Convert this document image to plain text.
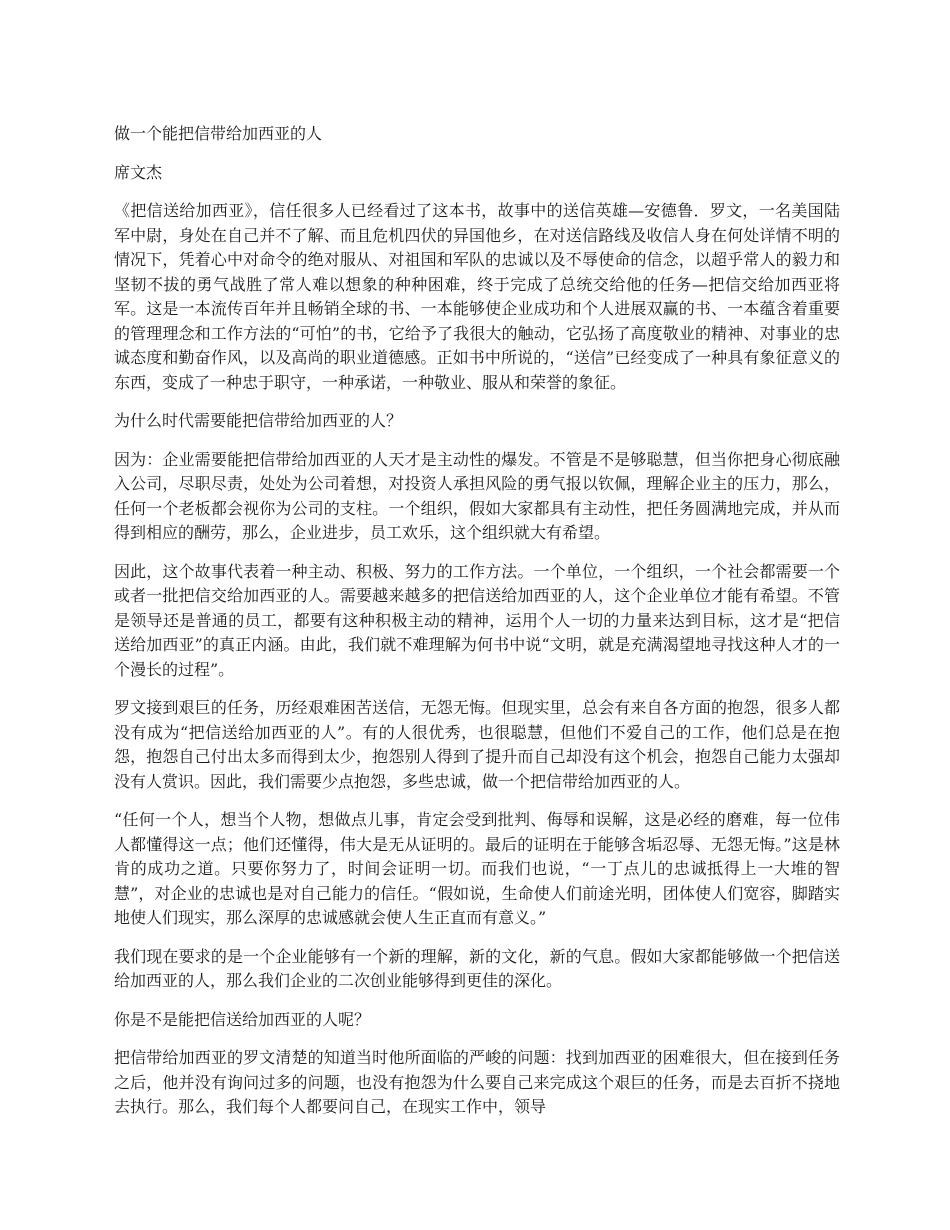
做一个能把信带给加西亚的人

席文杰

《把信送给加西亚》，信任很多人已经看过了这本书，故事中的送信英雄—安德鲁．罗文，一名美国陆军中尉，身处在自己并不了解、而且危机四伏的异国他乡，在对送信路线及收信人身在何处详情不明的情况下，凭着心中对命令的绝对服从、对祖国和军队的忠诚以及不辱使命的信念，以超乎常人的毅力和坚韧不拔的勇气战胜了常人难以想象的种种困难，终于完成了总统交给他的任务—把信交给加西亚将军。这是一本流传百年并且畅销全球的书、一本能够使企业成功和个人进展双赢的书、一本蕴含着重要的管理理念和工作方法的“可怕”的书，它给予了我很大的触动，它弘扬了高度敬业的精神、对事业的忠诚态度和勤奋作风，以及高尚的职业道德感。正如书中所说的，“送信”已经变成了一种具有象征意义的东西，变成了一种忠于职守，一种承诺，一种敬业、服从和荣誉的象征。

为什么时代需要能把信带给加西亚的人？

因为：企业需要能把信带给加西亚的人天才是主动性的爆发。不管是不是够聪慧，但当你把身心彻底融入公司，尽职尽责，处处为公司着想，对投资人承担风险的勇气报以钦佩，理解企业主的压力，那么，任何一个老板都会视你为公司的支柱。一个组织，假如大家都具有主动性，把任务圆满地完成，并从而得到相应的酬劳，那么，企业进步，员工欢乐，这个组织就大有希望。

因此，这个故事代表着一种主动、积极、努力的工作方法。一个单位，一个组织，一个社会都需要一个或者一批把信交给加西亚的人。需要越来越多的把信送给加西亚的人，这个企业单位才能有希望。不管是领导还是普通的员工，都要有这种积极主动的精神，运用个人一切的力量来达到目标，这才是“把信送给加西亚”的真正内涵。由此，我们就不难理解为何书中说“文明，就是充满渴望地寻找这种人才的一个漫长的过程”。

罗文接到艰巨的任务，历经艰难困苦送信，无怨无悔。但现实里，总会有来自各方面的抱怨，很多人都没有成为“把信送给加西亚的人”。有的人很优秀，也很聪慧，但他们不爱自己的工作，他们总是在抱怨，抱怨自己付出太多而得到太少，抱怨别人得到了提升而自己却没有这个机会，抱怨自己能力太强却没有人赏识。因此，我们需要少点抱怨，多些忠诚，做一个把信带给加西亚的人。

“任何一个人，想当个人物，想做点儿事，肯定会受到批判、侮辱和误解，这是必经的磨难，每一位伟人都懂得这一点；他们还懂得，伟大是无从证明的。最后的证明在于能够含垢忍辱、无怨无悔。”这是林肯的成功之道。只要你努力了，时间会证明一切。而我们也说，“一丁点儿的忠诚抵得上一大堆的智慧”，对企业的忠诚也是对自己能力的信任。“假如说，生命使人们前途光明，团体使人们宽容，脚踏实地使人们现实，那么深厚的忠诚感就会使人生正直而有意义。”

我们现在要求的是一个企业能够有一个新的理解，新的文化，新的气息。假如大家都能够做一个把信送给加西亚的人，那么我们企业的二次创业能够得到更佳的深化。

你是不是能把信送给加西亚的人呢？

把信带给加西亚的罗文清楚的知道当时他所面临的严峻的问题：找到加西亚的困难很大，但在接到任务之后，他并没有询问过多的问题，也没有抱怨为什么要自己来完成这个艰巨的任务，而是去百折不挠地去执行。那么，我们每个人都要问自己，在现实工作中，领导
